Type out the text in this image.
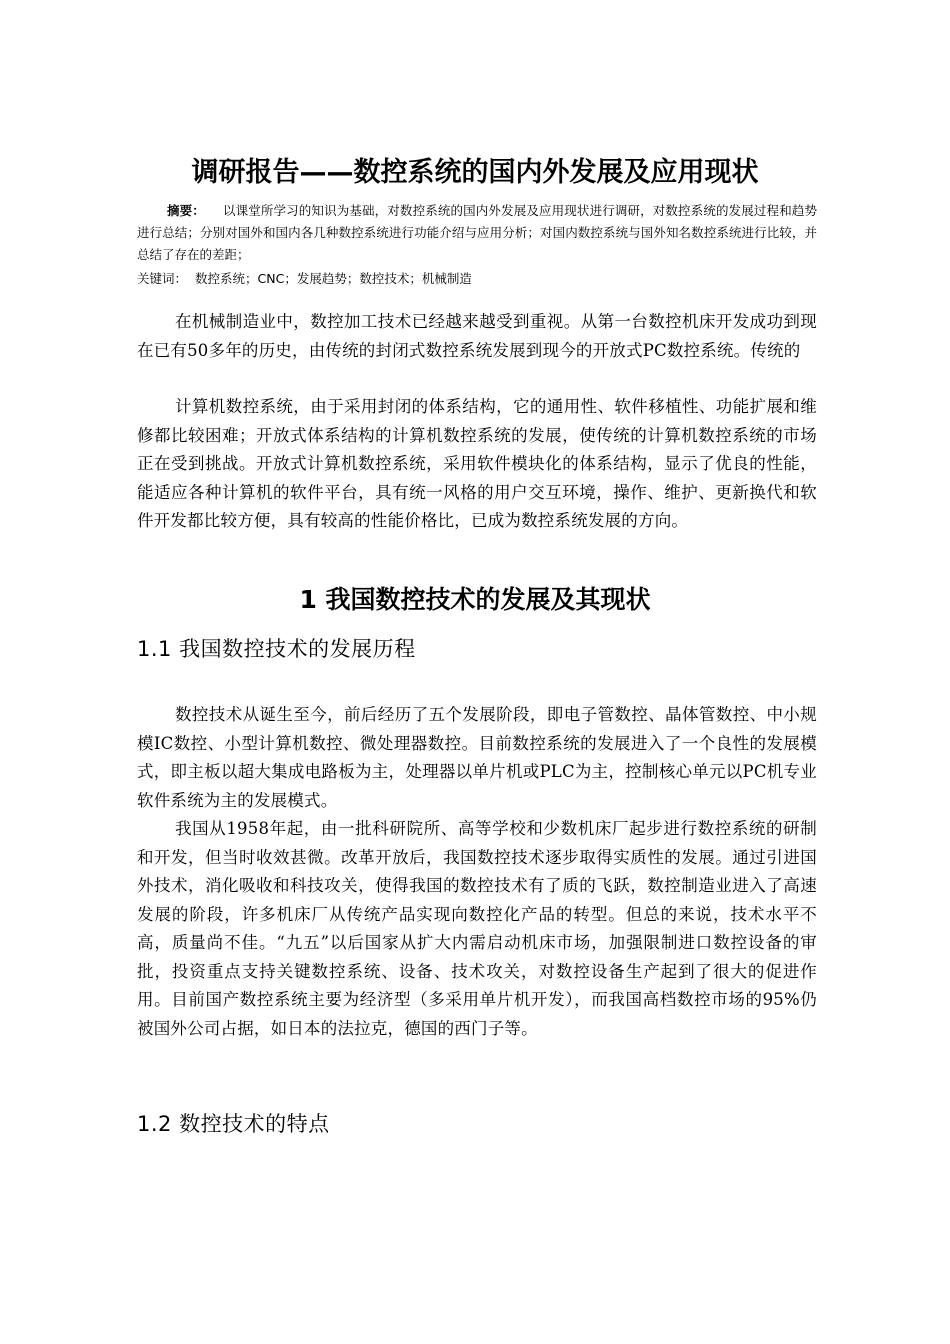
调研报告——数控系统的国内外发展及应用现状
摘要： 以课堂所学习的知识为基础，对数控系统的国内外发展及应用现状进行调研，对数控系统的发展过程和趋势进行总结；分别对国外和国内各几种数控系统进行功能介绍与应用分析；对国内数控系统与国外知名数控系统进行比较，并总结了存在的差距；
关键词： 数控系统；CNC；发展趋势；数控技术；机械制造
在机械制造业中，数控加工技术已经越来越受到重视。从第一台数控机床开发成功到现在已有50多年的历史，由传统的封闭式数控系统发展到现今的开放式PC数控系统。传统的
计算机数控系统，由于采用封闭的体系结构，它的通用性、软件移植性、功能扩展和维修都比较困难；开放式体系结构的计算机数控系统的发展，使传统的计算机数控系统的市场正在受到挑战。开放式计算机数控系统，采用软件模块化的体系结构，显示了优良的性能，能适应各种计算机的软件平台，具有统一风格的用户交互环境，操作、维护、更新换代和软件开发都比较方便，具有较高的性能价格比，已成为数控系统发展的方向。
1 我国数控技术的发展及其现状
1.1 我国数控技术的发展历程
数控技术从诞生至今，前后经历了五个发展阶段，即电子管数控、晶体管数控、中小规模IC数控、小型计算机数控、微处理器数控。目前数控系统的发展进入了一个良性的发展模式，即主板以超大集成电路板为主，处理器以单片机或PLC为主，控制核心单元以PC机专业软件系统为主的发展模式。
我国从1958年起，由一批科研院所、高等学校和少数机床厂起步进行数控系统的研制和开发，但当时收效甚微。改革开放后，我国数控技术逐步取得实质性的发展。通过引进国外技术，消化吸收和科技攻关，使得我国的数控技术有了质的飞跃，数控制造业进入了高速发展的阶段，许多机床厂从传统产品实现向数控化产品的转型。但总的来说，技术水平不高，质量尚不佳。“九五”以后国家从扩大内需启动机床市场，加强限制进口数控设备的审批，投资重点支持关键数控系统、设备、技术攻关，对数控设备生产起到了很大的促进作用。目前国产数控系统主要为经济型（多采用单片机开发），而我国高档数控市场的95%仍被国外公司占据，如日本的法拉克，德国的西门子等。
1.2 数控技术的特点
